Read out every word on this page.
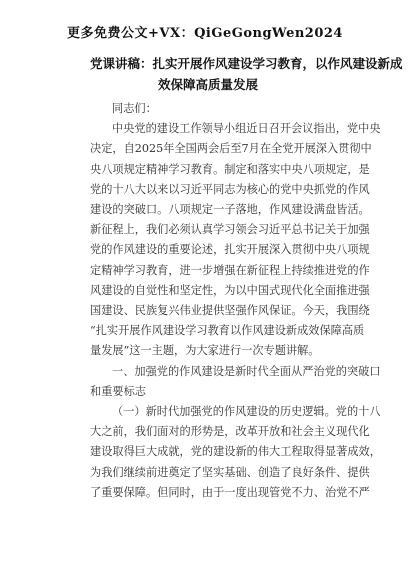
更多免费公文+VX：QiGeGongWen2024
党课讲稿：扎实开展作风建设学习教育，以作风建设新成
效保障高质量发展
同志们：
中央党的建设工作领导小组近日召开会议指出，党中央
决定，自2025年全国两会后至7月在全党开展深入贯彻中
央八项规定精神学习教育。制定和落实中央八项规定，是
党的十八大以来以习近平同志为核心的党中央抓党的作风
建设的突破口。八项规定一子落地，作风建设满盘皆活。
新征程上，我们必须认真学习领会习近平总书记关于加强
党的作风建设的重要论述，扎实开展深入贯彻中央八项规
定精神学习教育，进一步增强在新征程上持续推进党的作
风建设的自觉性和坚定性，为以中国式现代化全面推进强
国建设、民族复兴伟业提供坚强作风保证。今天，我围绕
“扎实开展作风建设学习教育以作风建设新成效保障高质
量发展”这一主题，为大家进行一次专题讲解。
一、加强党的作风建设是新时代全面从严治党的突破口
和重要标志
（一）新时代加强党的作风建设的历史逻辑。党的十八
大之前，我们面对的形势是，改革开放和社会主义现代化
建设取得巨大成就，党的建设新的伟大工程取得显著成效，
为我们继续前进奠定了坚实基础、创造了良好条件、提供
了重要保障。但同时，由于一度出现管党不力、治党不严
